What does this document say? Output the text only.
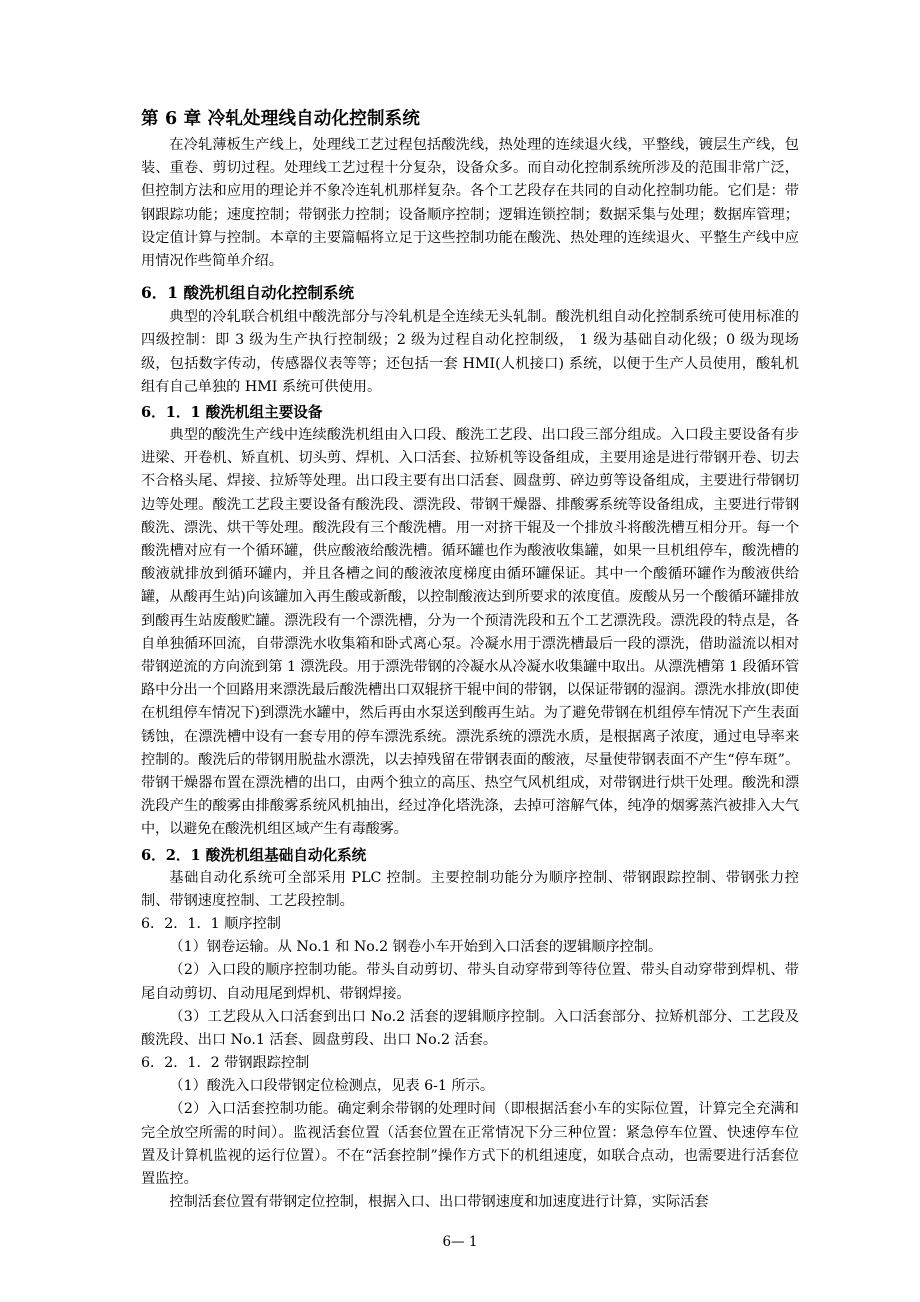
第 6 章 冷轧处理线自动化控制系统

在冷轧薄板生产线上，处理线工艺过程包括酸洗线，热处理的连续退火线，平整线，镀层生产线，包装、重卷、剪切过程。处理线工艺过程十分复杂，设备众多。而自动化控制系统所涉及的范围非常广泛，但控制方法和应用的理论并不象冷连轧机那样复杂。各个工艺段存在共同的自动化控制功能。它们是：带钢跟踪功能；速度控制；带钢张力控制；设备顺序控制；逻辑连锁控制；数据采集与处理；数据库管理；设定值计算与控制。本章的主要篇幅将立足于这些控制功能在酸洗、热处理的连续退火、平整生产线中应用情况作些简单介绍。

6．1 酸洗机组自动化控制系统

典型的冷轧联合机组中酸洗部分与冷轧机是全连续无头轧制。酸洗机组自动化控制系统可使用标准的四级控制：即 3 级为生产执行控制级；2 级为过程自动化控制级， 1 级为基础自动化级；0 级为现场级，包括数字传动，传感器仪表等等；还包括一套 HMI(人机接口) 系统，以便于生产人员使用，酸轧机组有自己单独的 HMI 系统可供使用。

6．1．1 酸洗机组主要设备

典型的酸洗生产线中连续酸洗机组由入口段、酸洗工艺段、出口段三部分组成。入口段主要设备有步进梁、开卷机、矫直机、切头剪、焊机、入口活套、拉矫机等设备组成，主要用途是进行带钢开卷、切去不合格头尾、焊接、拉矫等处理。出口段主要有出口活套、圆盘剪、碎边剪等设备组成，主要进行带钢切边等处理。酸洗工艺段主要设备有酸洗段、漂洗段、带钢干燥器、排酸雾系统等设备组成，主要进行带钢酸洗、漂洗、烘干等处理。酸洗段有三个酸洗槽。用一对挤干辊及一个排放斗将酸洗槽互相分开。每一个酸洗槽对应有一个循环罐，供应酸液给酸洗槽。循环罐也作为酸液收集罐，如果一旦机组停车，酸洗槽的酸液就排放到循环罐内，并且各槽之间的酸液浓度梯度由循环罐保证。其中一个酸循环罐作为酸液供给罐，从酸再生站)向该罐加入再生酸或新酸，以控制酸液达到所要求的浓度值。废酸从另一个酸循环罐排放到酸再生站废酸贮罐。漂洗段有一个漂洗槽，分为一个预清洗段和五个工艺漂洗段。漂洗段的特点是，各自单独循环回流，自带漂洗水收集箱和卧式离心泵。冷凝水用于漂洗槽最后一段的漂洗，借助溢流以相对带钢逆流的方向流到第 1 漂洗段。用于漂洗带钢的冷凝水从冷凝水收集罐中取出。从漂洗槽第 1 段循环管路中分出一个回路用来漂洗最后酸洗槽出口双辊挤干辊中间的带钢，以保证带钢的湿润。漂洗水排放(即使在机组停车情况下)到漂洗水罐中，然后再由水泵送到酸再生站。为了避免带钢在机组停车情况下产生表面锈蚀，在漂洗槽中设有一套专用的停车漂洗系统。漂洗系统的漂洗水质，是根据离子浓度，通过电导率来控制的。酸洗后的带钢用脱盐水漂洗，以去掉残留在带钢表面的酸液，尽量使带钢表面不产生“停车斑”。带钢干燥器布置在漂洗槽的出口，由两个独立的高压、热空气风机组成，对带钢进行烘干处理。酸洗和漂洗段产生的酸雾由排酸雾系统风机抽出，经过净化塔洗涤，去掉可溶解气体，纯净的烟雾蒸汽被排入大气中，以避免在酸洗机组区域产生有毒酸雾。

6．2．1 酸洗机组基础自动化系统

基础自动化系统可全部采用 PLC 控制。主要控制功能分为顺序控制、带钢跟踪控制、带钢张力控制、带钢速度控制、工艺段控制。

6．2．1．1 顺序控制

（1）钢卷运输。从 No.1 和 No.2 钢卷小车开始到入口活套的逻辑顺序控制。

（2）入口段的顺序控制功能。带头自动剪切、带头自动穿带到等待位置、带头自动穿带到焊机、带尾自动剪切、自动甩尾到焊机、带钢焊接。

（3）工艺段从入口活套到出口 No.2 活套的逻辑顺序控制。入口活套部分、拉矫机部分、工艺段及酸洗段、出口 No.1 活套、圆盘剪段、出口 No.2 活套。

6．2．1．2 带钢跟踪控制

（1）酸洗入口段带钢定位检测点，见表 6-1 所示。

（2）入口活套控制功能。确定剩余带钢的处理时间（即根据活套小车的实际位置，计算完全充满和完全放空所需的时间）。监视活套位置（活套位置在正常情况下分三种位置：紧急停车位置、快速停车位置及计算机监视的运行位置）。不在“活套控制”操作方式下的机组速度，如联合点动，也需要进行活套位置监控。

控制活套位置有带钢定位控制，根据入口、出口带钢速度和加速度进行计算，实际活套

6— 1
